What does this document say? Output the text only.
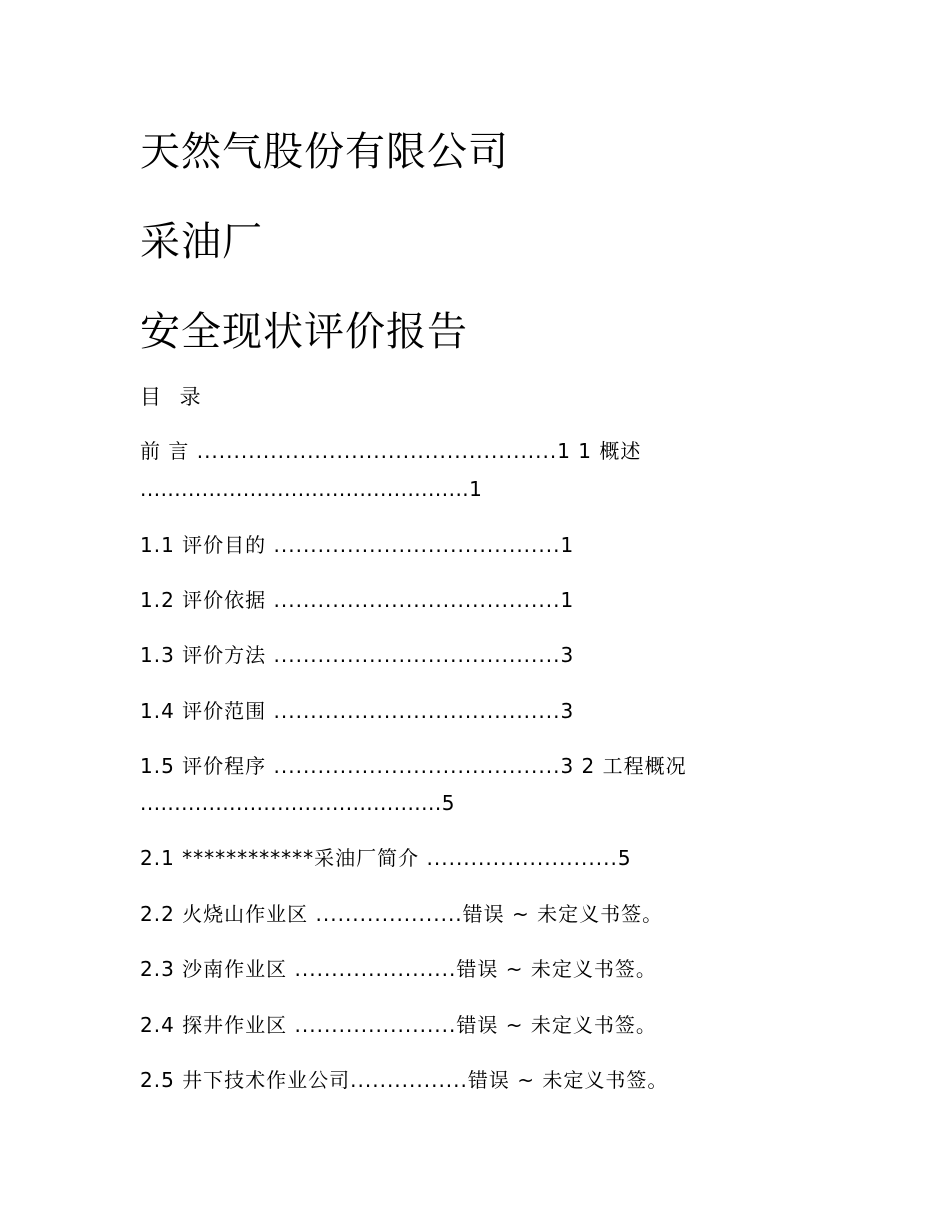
天然气股份有限公司
采油厂
安全现状评价报告
目 录
前 言 .................................................1 1 概述
................................................1
1.1 评价目的 .......................................1
1.2 评价依据 .......................................1
1.3 评价方法 .......................................3
1.4 评价范围 .......................................3
1.5 评价程序 .......................................3 2 工程概况
............................................5
2.1 ************采油厂简介 ..........................5
2.2 火烧山作业区 ....................错误 ~ 未定义书签。
2.3 沙南作业区 ......................错误 ~ 未定义书签。
2.4 探井作业区 ......................错误 ~ 未定义书签。
2.5 井下技术作业公司................错误 ~ 未定义书签。
